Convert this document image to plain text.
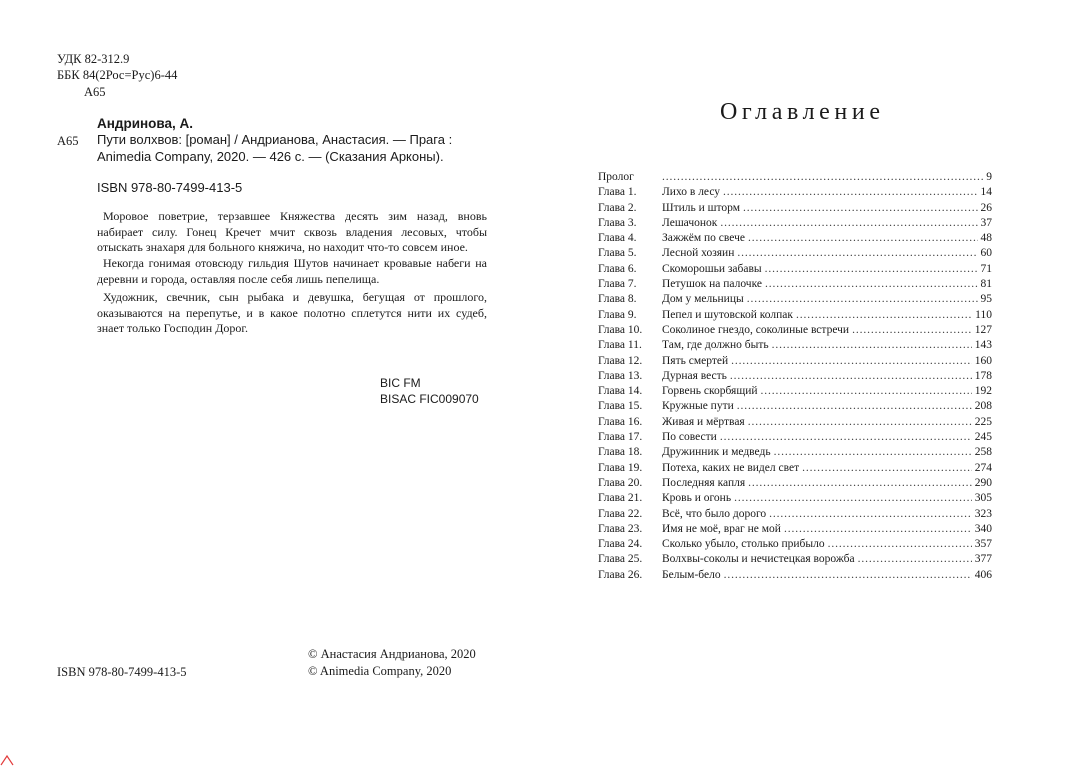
УДК 82-312.9
ББК 84(2Рос=Рус)6-44
А65
Андринова, А.
А65 Пути волхвов: [роман] / Андрианова, Анастасия. — Прага : Animedia Company, 2020. — 426 с. — (Сказания Арконы).
ISBN 978-80-7499-413-5
Моровое поветрие, терзавшее Княжества десять зим назад, вновь набирает силу. Гонец Кречет мчит сквозь владения лесовых, чтобы отыскать знахаря для больного княжича, но находит что-то совсем иное.
Некогда гонимая отовсюду гильдия Шутов начинает кровавые набеги на деревни и города, оставляя после себя лишь пепелища.
Художник, свечник, сын рыбака и девушка, бегущая от прошлого, оказываются на перепутье, и в какое полотно сплетутся нити их судеб, знает только Господин Дорог.
BIC FM
BISAC FIC009070
© Анастасия Андрианова, 2020
© Animedia Company, 2020
ISBN 978-80-7499-413-5
Оглавление
Пролог . . .	9
Глава 1.	Лихо в лесу . . .	14
Глава 2.	Штиль и шторм . . .	26
Глава 3.	Лешачонок . . .	37
Глава 4.	Зажжём по свече . . .	48
Глава 5.	Лесной хозяин . . .	60
Глава 6.	Скоморошьи забавы . . .	71
Глава 7.	Петушок на палочке . . .	81
Глава 8.	Дом у мельницы . . .	95
Глава 9.	Пепел и шутовской колпак . . .	110
Глава 10.	Соколиное гнездо, соколиные встречи . . .	127
Глава 11.	Там, где должно быть . . .	143
Глава 12.	Пять смертей . . .	160
Глава 13.	Дурная весть . . .	178
Глава 14.	Горвень скорбящий . . .	192
Глава 15.	Кружные пути . . .	208
Глава 16.	Живая и мёртвая . . .	225
Глава 17.	По совести . . .	245
Глава 18.	Дружинник и медведь . . .	258
Глава 19.	Потеха, каких не видел свет . . .	274
Глава 20.	Последняя капля . . .	290
Глава 21.	Кровь и огонь . . .	305
Глава 22.	Всё, что было дорого . . .	323
Глава 23.	Имя не моё, враг не мой . . .	340
Глава 24.	Сколько убыло, столько прибыло . . .	357
Глава 25.	Волхвы-соколы и нечистецкая ворожба . . .	377
Глава 26.	Белым-бело . . .	406
